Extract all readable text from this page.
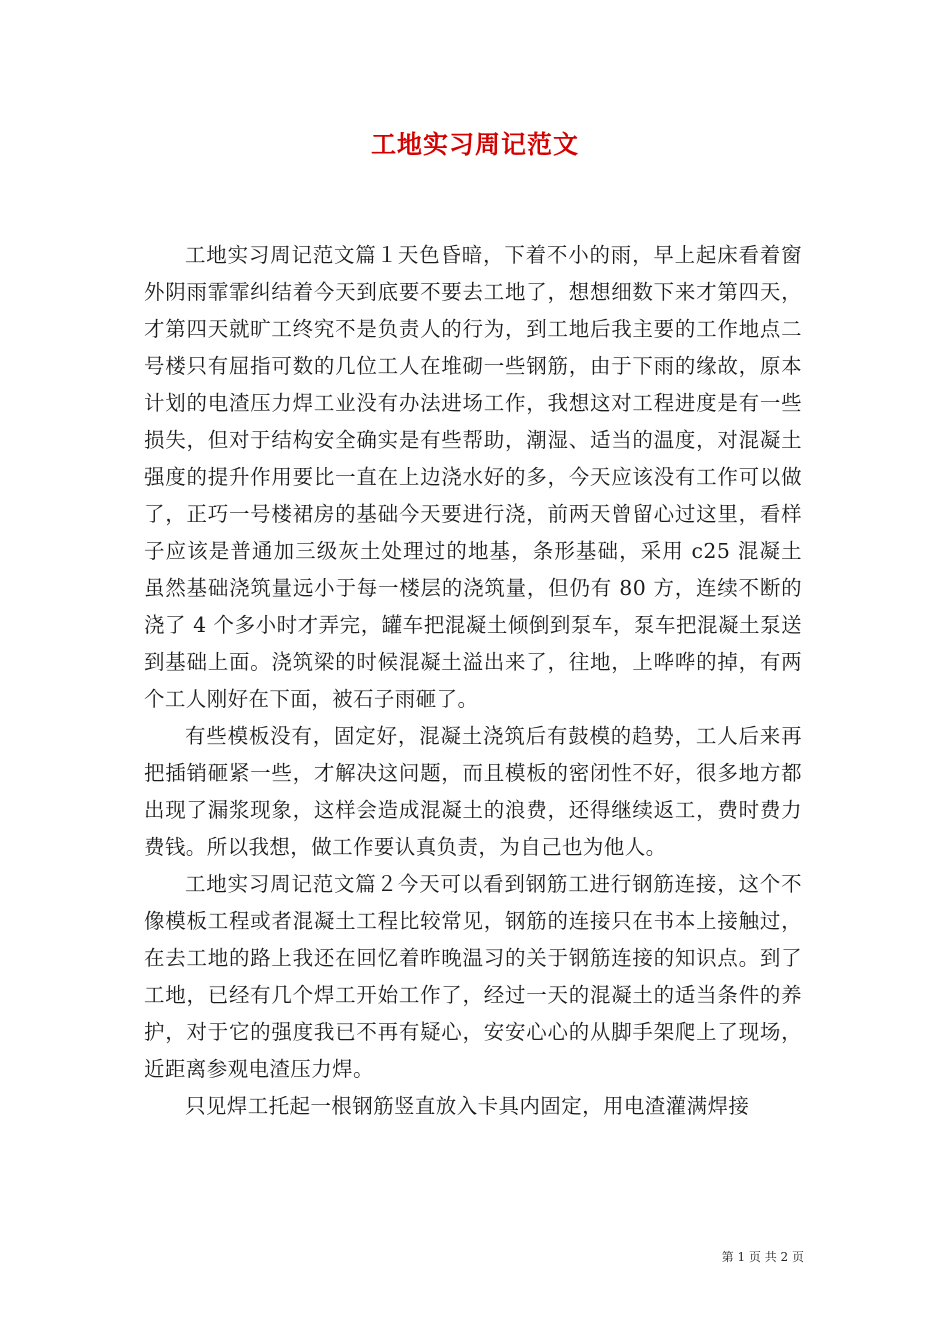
工地实习周记范文

工地实习周记范文篇１天色昏暗，下着不小的雨，早上起床看着窗外阴雨霏霏纠结着今天到底要不要去工地了，想想细数下来才第四天，才第四天就旷工终究不是负责人的行为，到工地后我主要的工作地点二号楼只有屈指可数的几位工人在堆砌一些钢筋，由于下雨的缘故，原本计划的电渣压力焊工业没有办法进场工作，我想这对工程进度是有一些损失，但对于结构安全确实是有些帮助，潮湿、适当的温度，对混凝土强度的提升作用要比一直在上边浇水好的多，今天应该没有工作可以做了，正巧一号楼裙房的基础今天要进行浇，前两天曾留心过这里，看样子应该是普通加三级灰土处理过的地基，条形基础，采用 c25 混凝土虽然基础浇筑量远小于每一楼层的浇筑量，但仍有 80 方，连续不断的浇了 4 个多小时才弄完，罐车把混凝土倾倒到泵车，泵车把混凝土泵送到基础上面。浇筑梁的时候混凝土溢出来了，往地，上哗哗的掉，有两个工人刚好在下面，被石子雨砸了。

有些模板没有，固定好，混凝土浇筑后有鼓模的趋势，工人后来再把插销砸紧一些，才解决这问题，而且模板的密闭性不好，很多地方都出现了漏浆现象，这样会造成混凝土的浪费，还得继续返工，费时费力费钱。所以我想，做工作要认真负责，为自己也为他人。

工地实习周记范文篇２今天可以看到钢筋工进行钢筋连接，这个不像模板工程或者混凝土工程比较常见，钢筋的连接只在书本上接触过，在去工地的路上我还在回忆着昨晚温习的关于钢筋连接的知识点。到了工地，已经有几个焊工开始工作了，经过一天的混凝土的适当条件的养护，对于它的强度我已不再有疑心，安安心心的从脚手架爬上了现场，近距离参观电渣压力焊。

只见焊工托起一根钢筋竖直放入卡具内固定，用电渣灌满焊接

第 1 页 共 2 页
